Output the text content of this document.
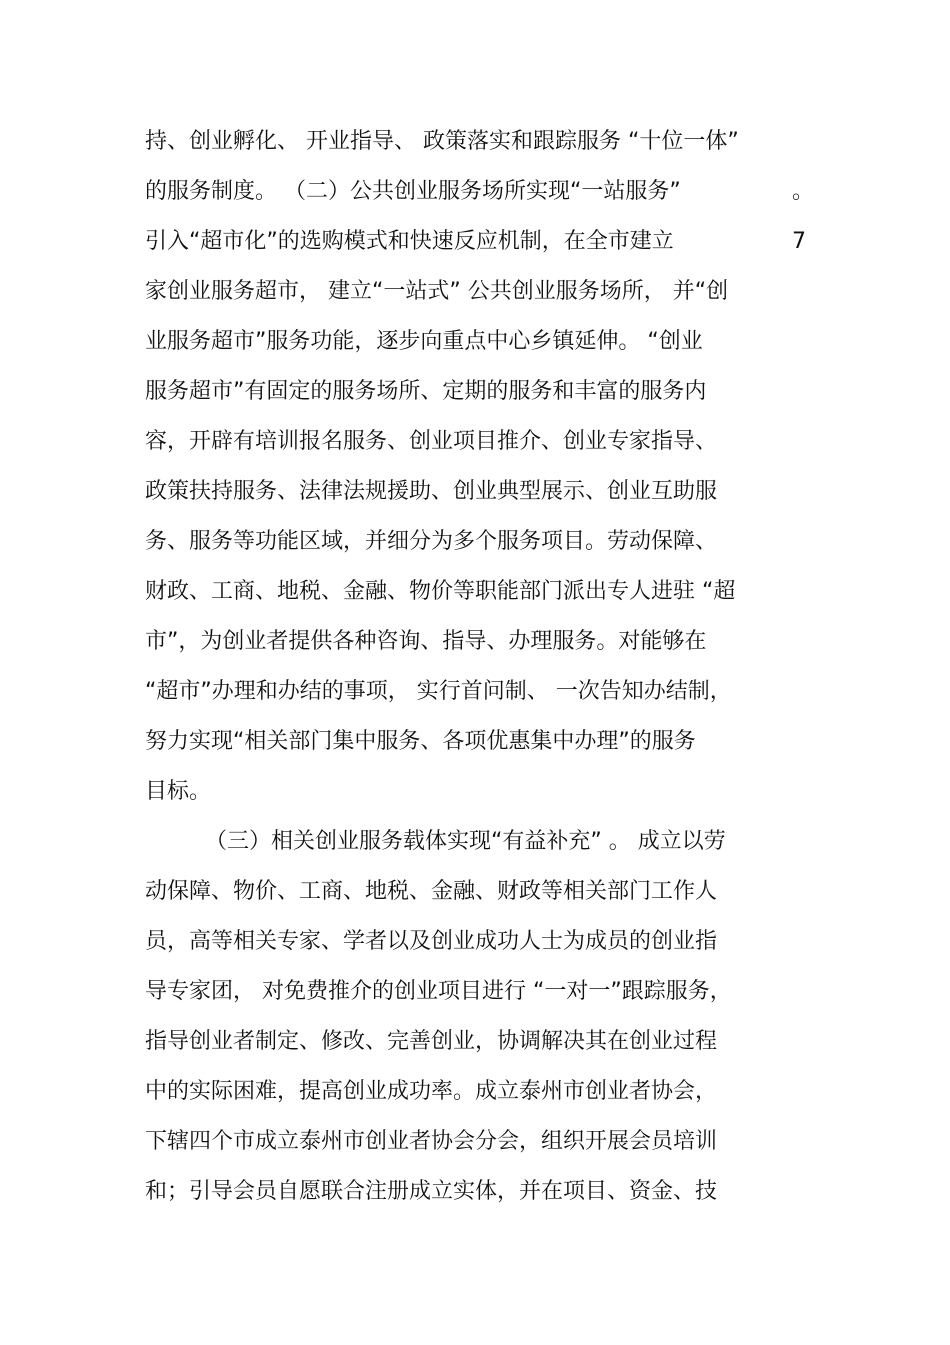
持、创业孵化、 开业指导、 政策落实和跟踪服务 “十位一体”
的服务制度。 （二）公共创业服务场所实现“一站服务”	。
引入“超市化”的选购模式和快速反应机制，在全市建立	7
家创业服务超市， 建立“一站式” 公共创业服务场所， 并“创
业服务超市”服务功能，逐步向重点中心乡镇延伸。 “创业
服务超市”有固定的服务场所、定期的服务和丰富的服务内
容，开辟有培训报名服务、创业项目推介、创业专家指导、
政策扶持服务、法律法规援助、创业典型展示、创业互助服
务、服务等功能区域，并细分为多个服务项目。劳动保障、
财政、工商、地税、金融、物价等职能部门派出专人进驻 “超
市”，为创业者提供各种咨询、指导、办理服务。对能够在
“超市”办理和办结的事项， 实行首问制、 一次告知办结制，
努力实现“相关部门集中服务、各项优惠集中办理”的服务
目标。
（三）相关创业服务载体实现“有益补充” 。 成立以劳
动保障、物价、工商、地税、金融、财政等相关部门工作人
员，高等相关专家、学者以及创业成功人士为成员的创业指
导专家团， 对免费推介的创业项目进行 “一对一”跟踪服务，
指导创业者制定、修改、完善创业，协调解决其在创业过程
中的实际困难，提高创业成功率。成立泰州市创业者协会，
下辖四个市成立泰州市创业者协会分会，组织开展会员培训
和；引导会员自愿联合注册成立实体，并在项目、资金、技
